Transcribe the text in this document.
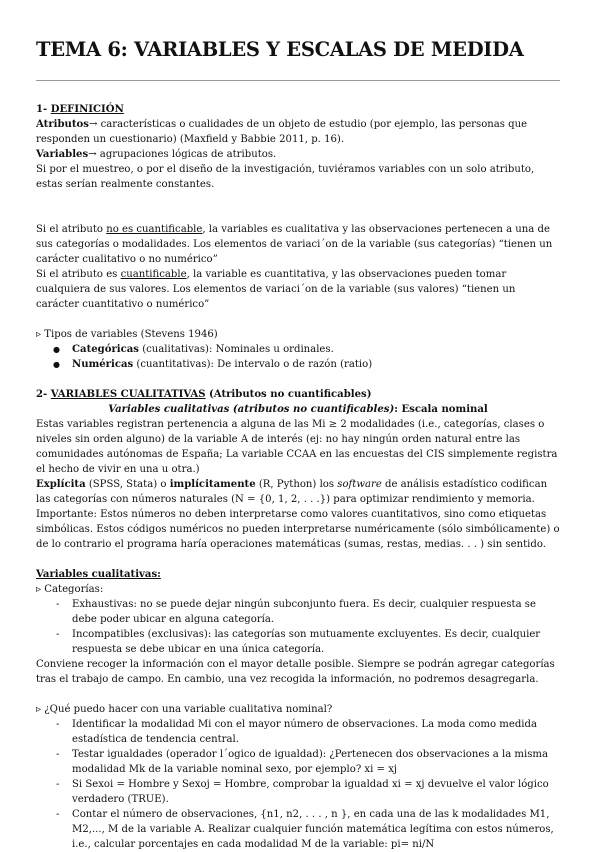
TEMA 6: VARIABLES Y ESCALAS DE MEDIDA

1- DEFINICIÓN

Atributos→ características o cualidades de un objeto de estudio (por ejemplo, las personas que responden un cuestionario) (Maxfield y Babbie 2011, p. 16).

Variables→ agrupaciones lógicas de atributos.

Si por el muestreo, o por el diseño de la investigación, tuviéramos variables con un solo atributo, estas serían realmente constantes.

Si el atributo no es cuantificable, la variables es cualitativa y las observaciones pertenecen a una de sus categorías o modalidades. Los elementos de variaci´on de la variable (sus categorías) “tienen un carácter cualitativo o no numérico”

Si el atributo es cuantificable, la variable es cuantitativa, y las observaciones pueden tomar cualquiera de sus valores. Los elementos de variaci´on de la variable (sus valores) “tienen un carácter cuantitativo o numérico”

▹ Tipos de variables (Stevens 1946)

● Categóricas (cualitativas): Nominales u ordinales.
● Numéricas (cuantitativas): De intervalo o de razón (ratio)

2- VARIABLES CUALITATIVAS (Atributos no cuantificables)

Variables cualitativas (atributos no cuantificables): Escala nominal

Estas variables registran pertenencia a alguna de las Mi ≥ 2 modalidades (i.e., categorías, clases o niveles sin orden alguno) de la variable A de interés (ej: no hay ningún orden natural entre las comunidades autónomas de España; La variable CCAA en las encuestas del CIS simplemente registra el hecho de vivir en una u otra.)

Explícita (SPSS, Stata) o implícitamente (R, Python) los software de análisis estadístico codifican las categorías con números naturales (N = {0, 1, 2, . . .}) para optimizar rendimiento y memoria.

Importante: Estos números no deben interpretarse como valores cuantitativos, sino como etiquetas simbólicas. Estos códigos numéricos no pueden interpretarse numéricamente (sólo simbólicamente) o de lo contrario el programa haría operaciones matemáticas (sumas, restas, medias. . . ) sin sentido.

Variables cualitativas:

▹ Categorías:

- Exhaustivas: no se puede dejar ningún subconjunto fuera. Es decir, cualquier respuesta se debe poder ubicar en alguna categoría.
- Incompatibles (exclusivas): las categorías son mutuamente excluyentes. Es decir, cualquier respuesta se debe ubicar en una única categoría.

Conviene recoger la información con el mayor detalle posible. Siempre se podrán agregar categorías tras el trabajo de campo. En cambio, una vez recogida la información, no podremos desagregarla.

▹ ¿Qué puedo hacer con una variable cualitativa nominal?

- Identificar la modalidad Mi con el mayor número de observaciones. La moda como medida estadística de tendencia central.
- Testar igualdades (operador l´ogico de igualdad): ¿Pertenecen dos observaciones a la misma modalidad Mk de la variable nominal sexo, por ejemplo? xi = xj
- Si Sexoi = Hombre y Sexoj = Hombre, comprobar la igualdad xi = xj devuelve el valor lógico verdadero (TRUE).
- Contar el número de observaciones, {n1, n2, . . . , n }, en cada una de las k modalidades M1, M2,..., M de la variable A. Realizar cualquier función matemática legítima con estos números, i.e., calcular porcentajes en cada modalidad M de la variable: pi= ni/N
